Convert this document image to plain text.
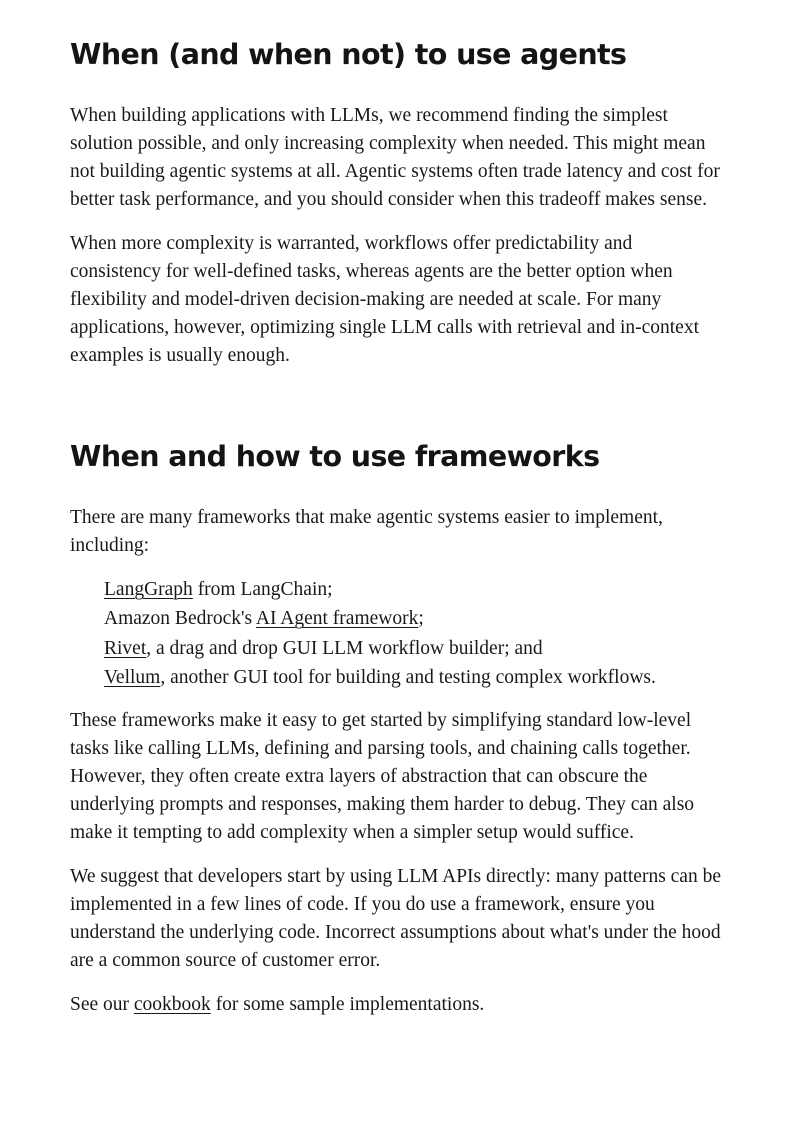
When (and when not) to use agents

When building applications with LLMs, we recommend finding the simplest solution possible, and only increasing complexity when needed. This might mean not building agentic systems at all. Agentic systems often trade latency and cost for better task performance, and you should consider when this tradeoff makes sense.

When more complexity is warranted, workflows offer predictability and consistency for well-defined tasks, whereas agents are the better option when flexibility and model-driven decision-making are needed at scale. For many applications, however, optimizing single LLM calls with retrieval and in-context examples is usually enough.

When and how to use frameworks

There are many frameworks that make agentic systems easier to implement, including:

LangGraph from LangChain;
Amazon Bedrock's AI Agent framework;
Rivet, a drag and drop GUI LLM workflow builder; and
Vellum, another GUI tool for building and testing complex workflows.

These frameworks make it easy to get started by simplifying standard low-level tasks like calling LLMs, defining and parsing tools, and chaining calls together. However, they often create extra layers of abstraction that can obscure the underlying prompts and responses, making them harder to debug. They can also make it tempting to add complexity when a simpler setup would suffice.

We suggest that developers start by using LLM APIs directly: many patterns can be implemented in a few lines of code. If you do use a framework, ensure you understand the underlying code. Incorrect assumptions about what's under the hood are a common source of customer error.

See our cookbook for some sample implementations.
